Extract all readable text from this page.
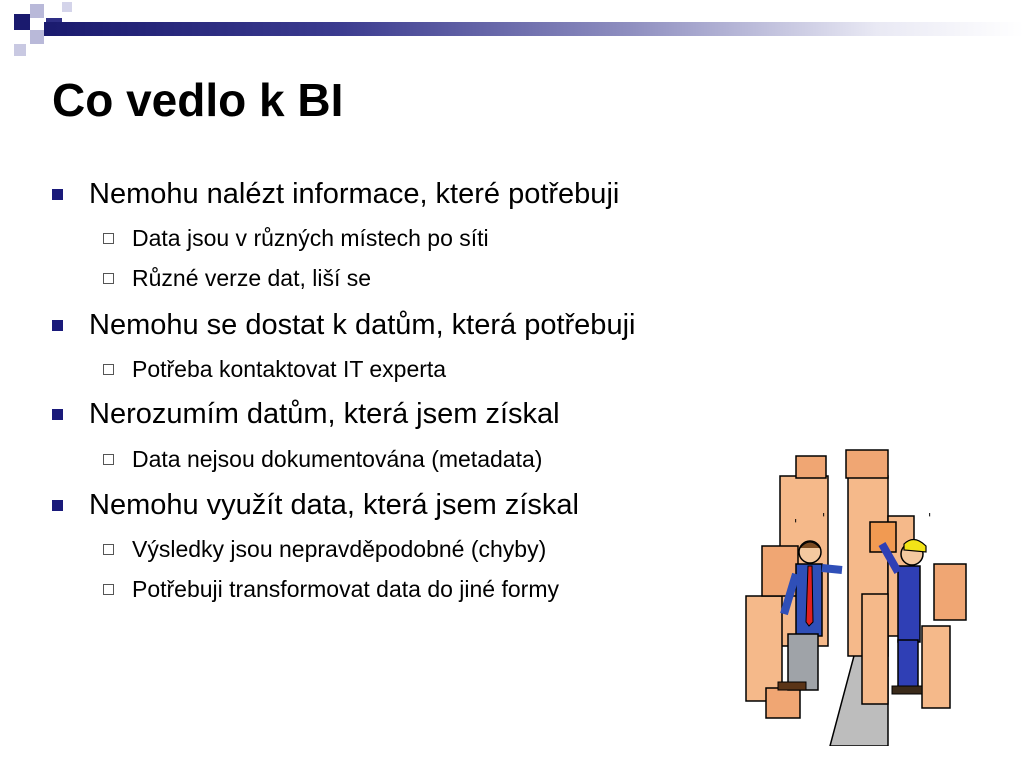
Co vedlo k BI
Nemohu nalézt informace, které potřebuji
Data jsou v různých místech po síti
Různé verze dat, liší se
Nemohu se dostat k datům, která potřebuji
Potřeba kontaktovat IT experta
Nerozumím datům, která jsem získal
Data nejsou dokumentována (metadata)
Nemohu využít data, která jsem získal
Výsledky jsou nepravděpodobné (chyby)
Potřebuji transformovat data do jiné formy
' '	'
